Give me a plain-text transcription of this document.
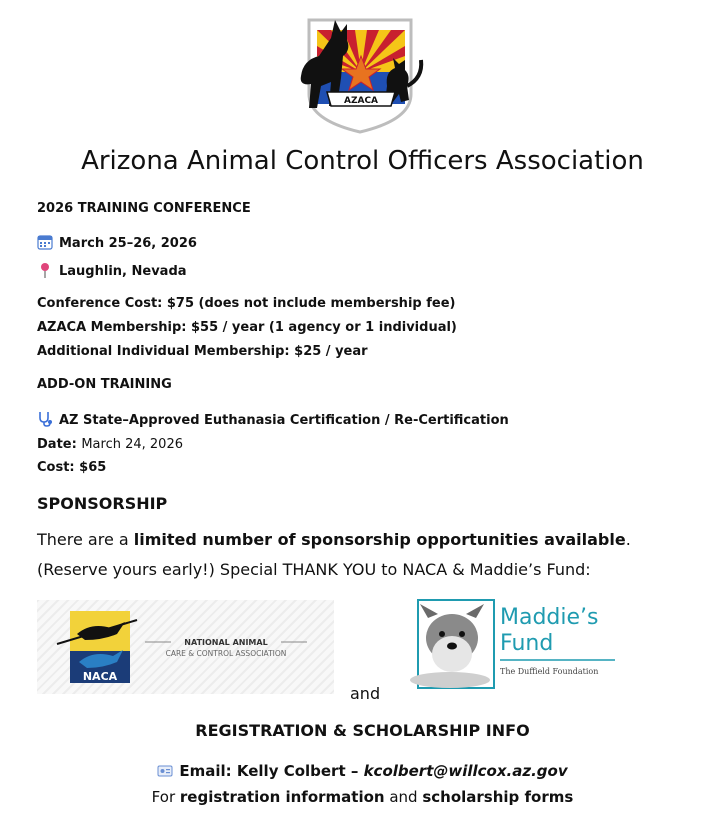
AZACA
Arizona Animal Control Officers Association
2026 TRAINING CONFERENCE
March 25–26, 2026
Laughlin, Nevada
Conference Cost: $75 (does not include membership fee)
AZACA Membership: $55 / year (1 agency or 1 individual)
Additional Individual Membership: $25 / year
ADD-ON TRAINING
AZ State–Approved Euthanasia Certification / Re-Certification
Date: March 24, 2026
Cost: $65
SPONSORSHIP
There are a limited number of sponsorship opportunities available.
(Reserve yours early!) Special THANK YOU to NACA & Maddie’s Fund:
NACA
NATIONAL ANIMAL
CARE & CONTROL ASSOCIATION
and
Maddie’s
Fund
The Duffield Foundation
REGISTRATION & SCHOLARSHIP INFO
Email: Kelly Colbert – kcolbert@willcox.az.gov
For registration information and scholarship forms
